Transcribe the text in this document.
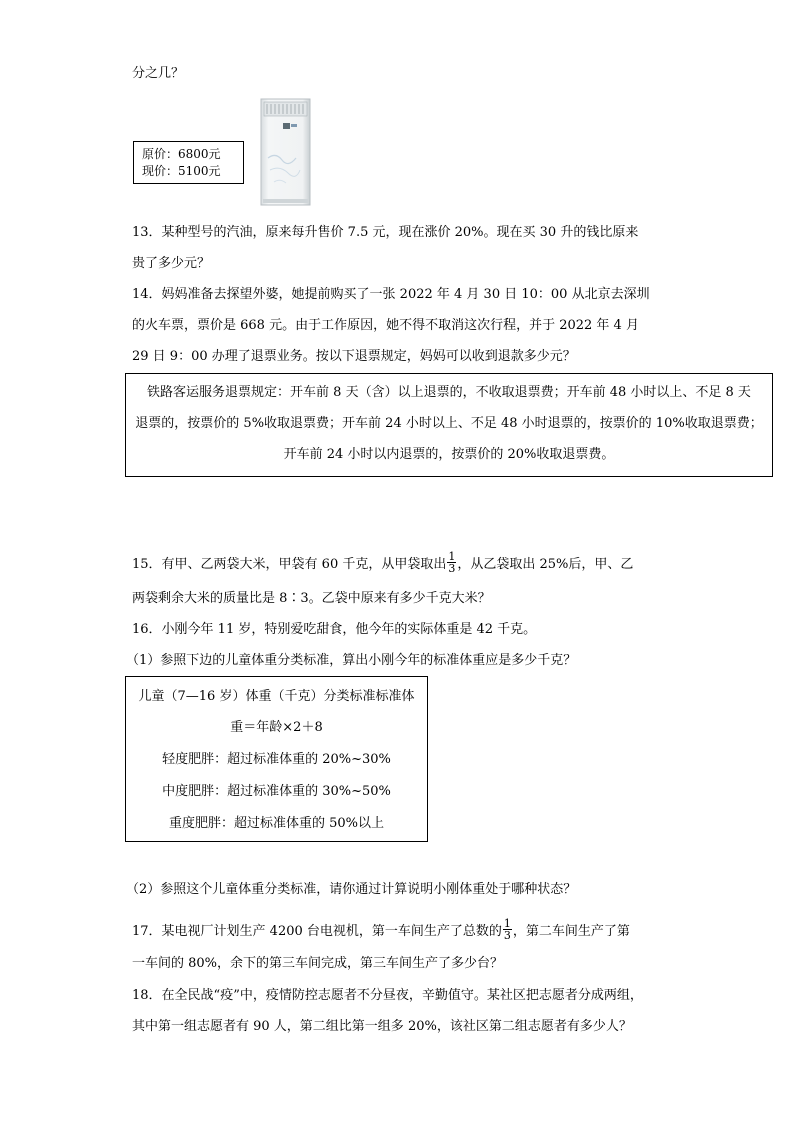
分之几？
原价：6800元
现价：5100元
13．某种型号的汽油，原来每升售价 7.5 元，现在涨价 20%。现在买 30 升的钱比原来
贵了多少元？
14．妈妈准备去探望外婆，她提前购买了一张 2022 年 4 月 30 日 10：00 从北京去深圳
的火车票，票价是 668 元。由于工作原因，她不得不取消这次行程，并于 2022 年 4 月
29 日 9：00 办理了退票业务。按以下退票规定，妈妈可以收到退款多少元？
铁路客运服务退票规定：开车前 8 天（含）以上退票的，不收取退票费；开车前 48 小时以上、不足 8 天
退票的，按票价的 5%收取退票费；开车前 24 小时以上、不足 48 小时退票的，按票价的 10%收取退票费；
开车前 24 小时以内退票的，按票价的 20%收取退票费。
15．有甲、乙两袋大米，甲袋有 60 千克，从甲袋取出 $\frac{1}{3}$ ，从乙袋取出 25%后，甲、乙
两袋剩余大米的质量比是 8∶3。乙袋中原来有多少千克大米？
16．小刚今年 11 岁，特别爱吃甜食，他今年的实际体重是 42 千克。
（1）参照下边的儿童体重分类标准，算出小刚今年的标准体重应是多少千克？
儿童（7—16 岁）体重（千克）分类标准标准体
重＝年龄×2＋8
轻度肥胖：超过标准体重的 20%~30%
中度肥胖：超过标准体重的 30%~50%
重度肥胖：超过标准体重的 50%以上
（2）参照这个儿童体重分类标准，请你通过计算说明小刚体重处于哪种状态？
17．某电视厂计划生产 4200 台电视机，第一车间生产了总数的 $\frac{1}{3}$ ，第二车间生产了第
一车间的 80%，余下的第三车间完成，第三车间生产了多少台？
18．在全民战“疫”中，疫情防控志愿者不分昼夜，辛勤值守。某社区把志愿者分成两组，
其中第一组志愿者有 90 人，第二组比第一组多 20%，该社区第二组志愿者有多少人？
